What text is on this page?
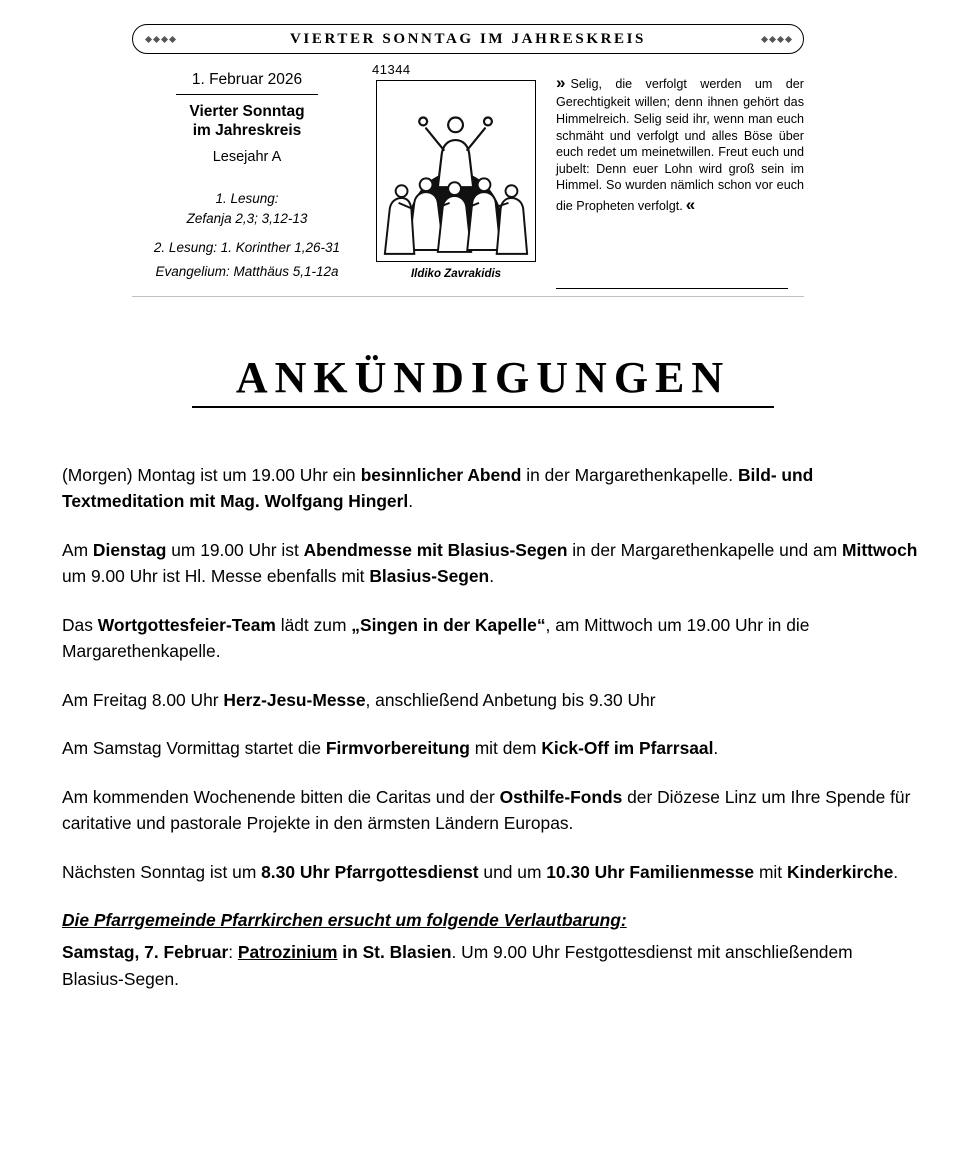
VIERTER SONNTAG IM JAHRESKREIS
1. Februar 2026
Vierter Sonntag
im Jahreskreis
Lesejahr A
1. Lesung:
Zefanja 2,3; 3,12-13
2. Lesung: 1. Korinther 1,26-31
Evangelium: Matthäus 5,1-12a
41344
Ildiko Zavrakidis
» Selig, die verfolgt werden um der Gerechtigkeit willen; denn ihnen gehört das Himmelreich. Selig seid ihr, wenn man euch schmäht und verfolgt und alles Böse über euch redet um meinetwillen. Freut euch und jubelt: Denn euer Lohn wird groß sein im Himmel. So wurden nämlich schon vor euch die Propheten verfolgt. «
ANKÜNDIGUNGEN

(Morgen) Montag ist um 19.00 Uhr ein besinnlicher Abend in der Margarethenkapelle. Bild- und Textmeditation mit Mag. Wolfgang Hingerl.

Am Dienstag um 19.00 Uhr ist Abendmesse mit Blasius-Segen in der Margarethenkapelle und am Mittwoch um 9.00 Uhr ist Hl. Messe ebenfalls mit Blasius-Segen.

Das Wortgottesfeier-Team lädt zum „Singen in der Kapelle“, am Mittwoch um 19.00 Uhr in die Margarethenkapelle.

Am Freitag 8.00 Uhr Herz-Jesu-Messe, anschließend Anbetung bis 9.30 Uhr

Am Samstag Vormittag startet die Firmvorbereitung mit dem Kick-Off im Pfarrsaal.

Am kommenden Wochenende bitten die Caritas und der Osthilfe-Fonds der Diözese Linz um Ihre Spende für caritative und pastorale Projekte in den ärmsten Ländern Europas.

Nächsten Sonntag ist um 8.30 Uhr Pfarrgottesdienst und um 10.30 Uhr Familienmesse mit Kinderkirche.

Die Pfarrgemeinde Pfarrkirchen ersucht um folgende Verlautbarung:

Samstag, 7. Februar: Patrozinium in St. Blasien. Um 9.00 Uhr Festgottesdienst mit anschließendem Blasius-Segen.
